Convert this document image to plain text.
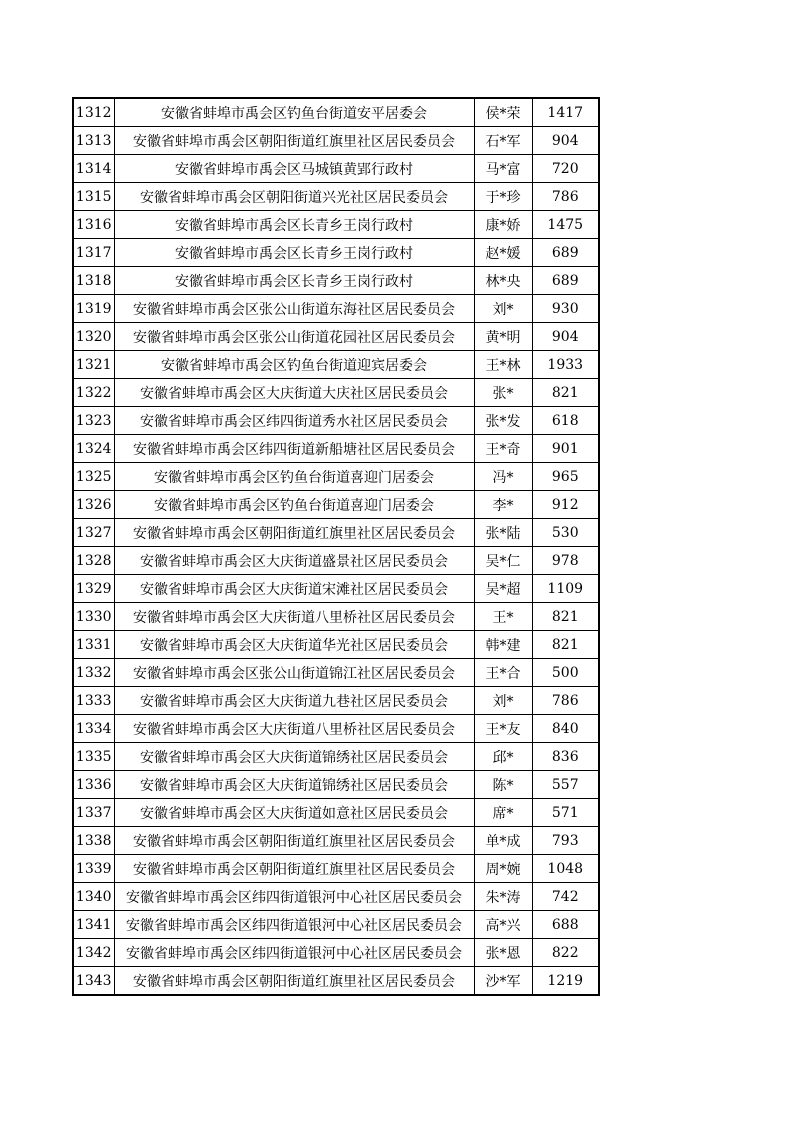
1312	安徽省蚌埠市禹会区钓鱼台街道安平居委会	侯*荣	1417
1313	安徽省蚌埠市禹会区朝阳街道红旗里社区居民委员会	石*军	904
1314	安徽省蚌埠市禹会区马城镇黄郢行政村	马*富	720
1315	安徽省蚌埠市禹会区朝阳街道兴光社区居民委员会	于*珍	786
1316	安徽省蚌埠市禹会区长青乡王岗行政村	康*娇	1475
1317	安徽省蚌埠市禹会区长青乡王岗行政村	赵*媛	689
1318	安徽省蚌埠市禹会区长青乡王岗行政村	林*央	689
1319	安徽省蚌埠市禹会区张公山街道东海社区居民委员会	刘*	930
1320	安徽省蚌埠市禹会区张公山街道花园社区居民委员会	黄*明	904
1321	安徽省蚌埠市禹会区钓鱼台街道迎宾居委会	王*林	1933
1322	安徽省蚌埠市禹会区大庆街道大庆社区居民委员会	张*	821
1323	安徽省蚌埠市禹会区纬四街道秀水社区居民委员会	张*发	618
1324	安徽省蚌埠市禹会区纬四街道新船塘社区居民委员会	王*奇	901
1325	安徽省蚌埠市禹会区钓鱼台街道喜迎门居委会	冯*	965
1326	安徽省蚌埠市禹会区钓鱼台街道喜迎门居委会	李*	912
1327	安徽省蚌埠市禹会区朝阳街道红旗里社区居民委员会	张*陆	530
1328	安徽省蚌埠市禹会区大庆街道盛景社区居民委员会	吴*仁	978
1329	安徽省蚌埠市禹会区大庆街道宋滩社区居民委员会	吴*超	1109
1330	安徽省蚌埠市禹会区大庆街道八里桥社区居民委员会	王*	821
1331	安徽省蚌埠市禹会区大庆街道华光社区居民委员会	韩*建	821
1332	安徽省蚌埠市禹会区张公山街道锦江社区居民委员会	王*合	500
1333	安徽省蚌埠市禹会区大庆街道九巷社区居民委员会	刘*	786
1334	安徽省蚌埠市禹会区大庆街道八里桥社区居民委员会	王*友	840
1335	安徽省蚌埠市禹会区大庆街道锦绣社区居民委员会	邱*	836
1336	安徽省蚌埠市禹会区大庆街道锦绣社区居民委员会	陈*	557
1337	安徽省蚌埠市禹会区大庆街道如意社区居民委员会	席*	571
1338	安徽省蚌埠市禹会区朝阳街道红旗里社区居民委员会	单*成	793
1339	安徽省蚌埠市禹会区朝阳街道红旗里社区居民委员会	周*婉	1048
1340	安徽省蚌埠市禹会区纬四街道银河中心社区居民委员会	朱*涛	742
1341	安徽省蚌埠市禹会区纬四街道银河中心社区居民委员会	高*兴	688
1342	安徽省蚌埠市禹会区纬四街道银河中心社区居民委员会	张*恩	822
1343	安徽省蚌埠市禹会区朝阳街道红旗里社区居民委员会	沙*军	1219
